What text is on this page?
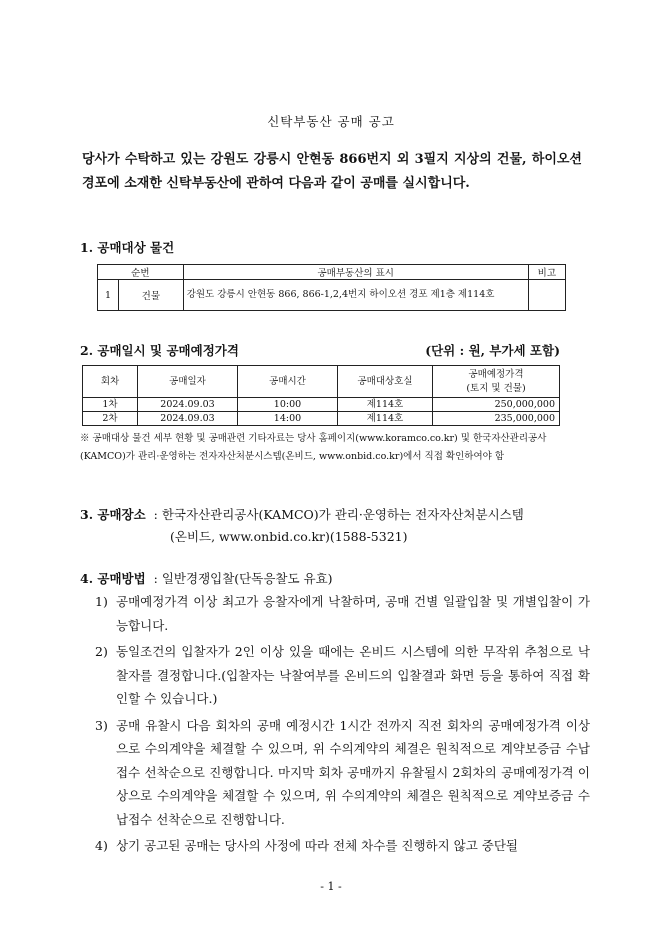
신탁부동산 공매 공고

당사가 수탁하고 있는 강원도 강릉시 안현동 866번지 외 3필지 지상의 건물, 하이오션 경포에 소재한 신탁부동산에 관하여 다음과 같이 공매를 실시합니다.

1. 공매대상 물건
순번		공매부동산의 표시	비고
1	건물	강원도 강릉시 안현동 866, 866-1,2,4번지 하이오션 경포 제1층 제114호	
2. 공매일시 및 공매예정가격	(단위 : 원, 부가세 포함)
회차	공매일자	공매시간	공매대상호실	공매예정가격
(토지 및 건물)

1차	2024.09.03	10:00	제114호	250,000,000
2차	2024.09.03	14:00	제114호	235,000,000

※ 공매대상 물건 세부 현황 및 공매관련 기타자료는 당사 홈페이지(www.koramco.co.kr) 및 한국자산관리공사(KAMCO)가 관리·운영하는 전자자산처분시스템(온비드, www.onbid.co.kr)에서 직접 확인하여야 함

3. 공매장소  : 한국자산관리공사(KAMCO)가 관리·운영하는 전자자산처분시스템
(온비드, www.onbid.co.kr)(1588-5321)
4. 공매방법  : 일반경쟁입찰(단독응찰도 유효)
1) 공매예정가격 이상 최고가 응찰자에게 낙찰하며, 공매 건별 일괄입찰 및 개별입찰이 가능합니다.
2) 동일조건의 입찰자가 2인 이상 있을 때에는 온비드 시스템에 의한 무작위 추첨으로 낙찰자를 결정합니다.(입찰자는 낙찰여부를 온비드의 입찰결과 화면 등을 통하여 직접 확인할 수 있습니다.)
3) 공매 유찰시 다음 회차의 공매 예정시간 1시간 전까지 직전 회차의 공매예정가격 이상으로 수의계약을 체결할 수 있으며, 위 수의계약의 체결은 원칙적으로 계약보증금 수납접수 선착순으로 진행합니다. 마지막 회차 공매까지 유찰될시 2회차의 공매예정가격 이상으로 수의계약을 체결할 수 있으며, 위 수의계약의 체결은 원칙적으로 계약보증금 수납접수 선착순으로 진행합니다.
4) 상기 공고된 공매는 당사의 사정에 따라 전체 차수를 진행하지 않고 중단될
- 1 -
